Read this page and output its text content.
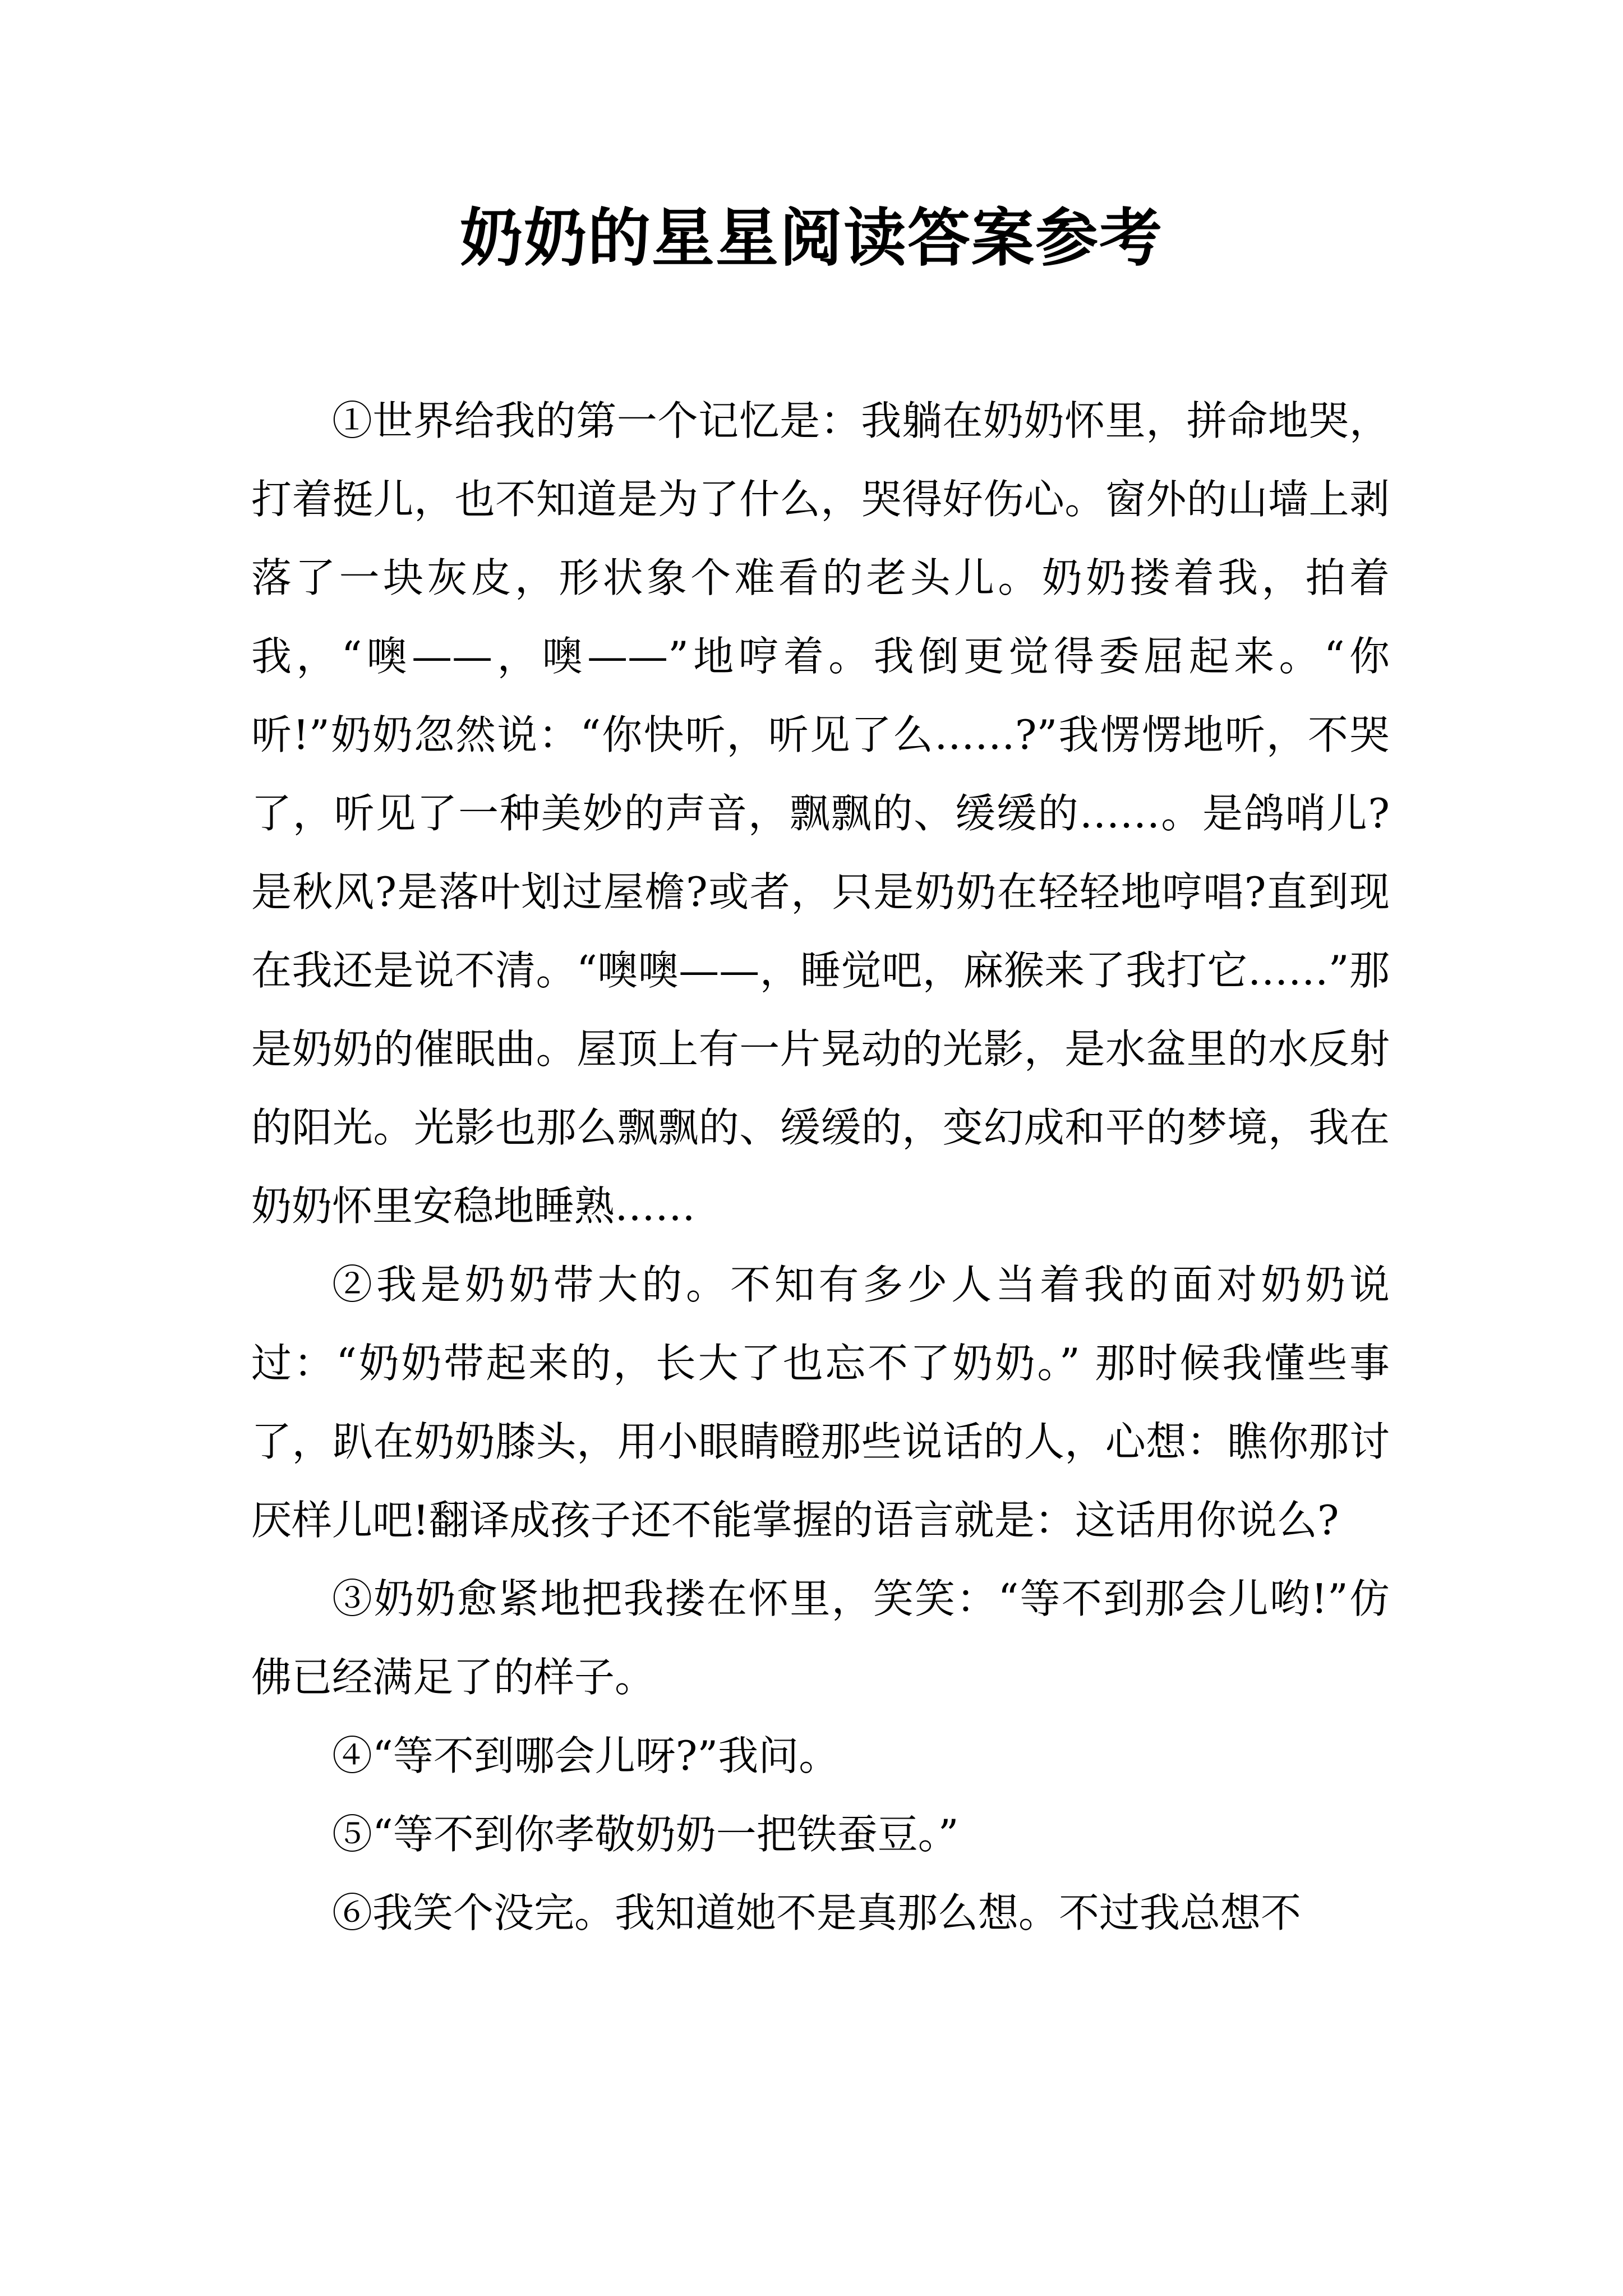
奶奶的星星阅读答案参考

①世界给我的第一个记忆是：我躺在奶奶怀里，拼命地哭，打着挺儿，也不知道是为了什么，哭得好伤心。窗外的山墙上剥落了一块灰皮，形状象个难看的老头儿。奶奶搂着我，拍着我，“噢——，噢——”地哼着。我倒更觉得委屈起来。“你听!”奶奶忽然说：“你快听，听见了么……?”我愣愣地听，不哭了，听见了一种美妙的声音，飘飘的、缓缓的……。是鸽哨儿?是秋风?是落叶划过屋檐?或者，只是奶奶在轻轻地哼唱?直到现在我还是说不清。“噢噢——，睡觉吧，麻猴来了我打它……”那是奶奶的催眠曲。屋顶上有一片晃动的光影，是水盆里的水反射的阳光。光影也那么飘飘的、缓缓的，变幻成和平的梦境，我在奶奶怀里安稳地睡熟……

②我是奶奶带大的。不知有多少人当着我的面对奶奶说过：“奶奶带起来的，长大了也忘不了奶奶。” 那时候我懂些事了，趴在奶奶膝头，用小眼睛瞪那些说话的人，心想：瞧你那讨厌样儿吧!翻译成孩子还不能掌握的语言就是：这话用你说么?

③奶奶愈紧地把我搂在怀里，笑笑：“等不到那会儿哟!”仿佛已经满足了的样子。

④“等不到哪会儿呀?”我问。

⑤“等不到你孝敬奶奶一把铁蚕豆。”

⑥我笑个没完。我知道她不是真那么想。不过我总想不
